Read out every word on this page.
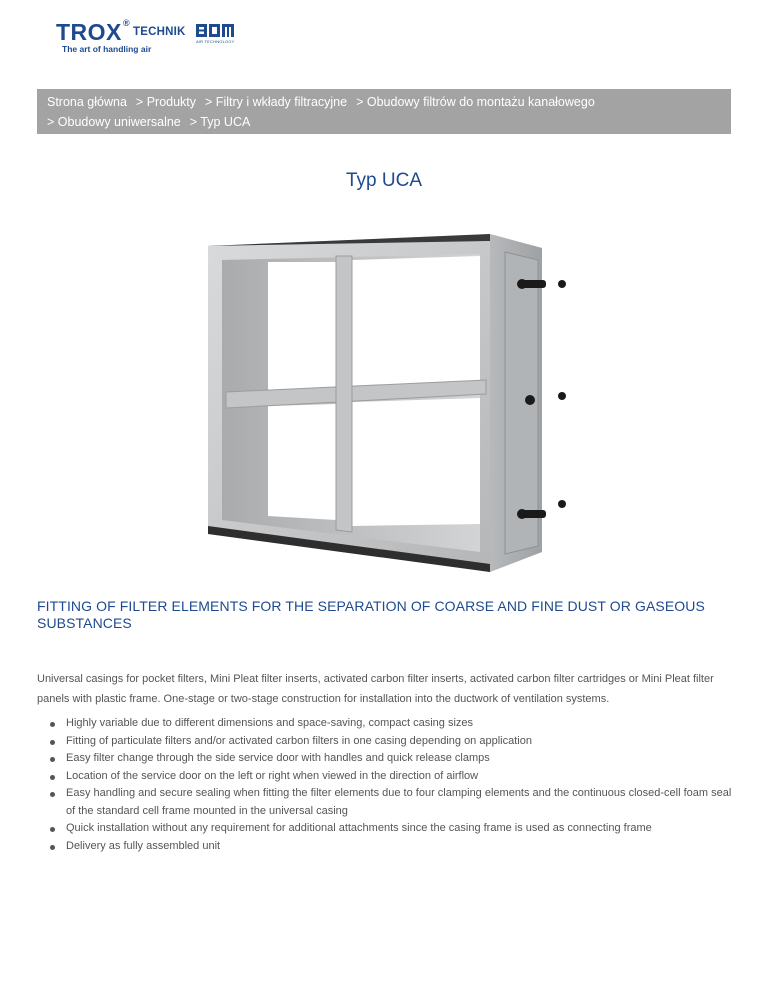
TROX ®
TECHNIK
The art of handling air
AIR TECHNOLOGY
Strona główna > Produkty > Filtry i wkłady filtracyjne > Obudowy filtrów do montażu kanałowego
> Obudowy uniwersalne > Typ UCA
Typ UCA
FITTING OF FILTER ELEMENTS FOR THE SEPARATION OF COARSE AND FINE DUST OR GASEOUS SUBSTANCES

Universal casings for pocket filters, Mini Pleat filter inserts, activated carbon filter inserts, activated carbon filter cartridges or Mini Pleat filter panels with plastic frame. One-stage or two-stage construction for installation into the ductwork of ventilation systems.

Highly variable due to different dimensions and space-saving, compact casing sizes
Fitting of particulate filters and/or activated carbon filters in one casing depending on application
Easy filter change through the side service door with handles and quick release clamps
Location of the service door on the left or right when viewed in the direction of airflow
Easy handling and secure sealing when fitting the filter elements due to four clamping elements and the continuous closed-cell foam seal of the standard cell frame mounted in the universal casing
Quick installation without any requirement for additional attachments since the casing frame is used as connecting frame
Delivery as fully assembled unit
